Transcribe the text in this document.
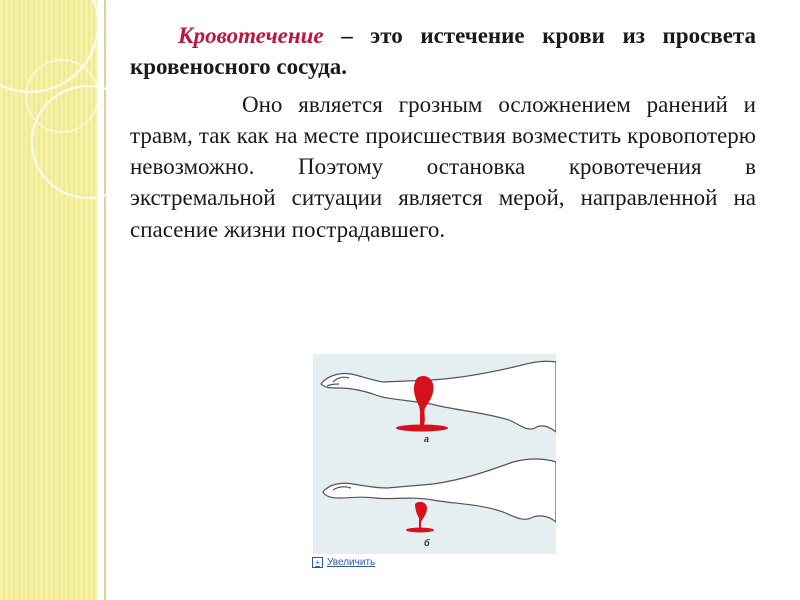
Кровотечение – это истечение крови из просвета кровеносного сосуда.

Оно является грозным осложнением ранений и травм, так как на месте происшествия возместить кровопотерю невозможно. Поэтому остановка кровотечения в экстремальной ситуации является мерой, направленной на спасение жизни пострадавшего.

а
б
+ Увеличить
